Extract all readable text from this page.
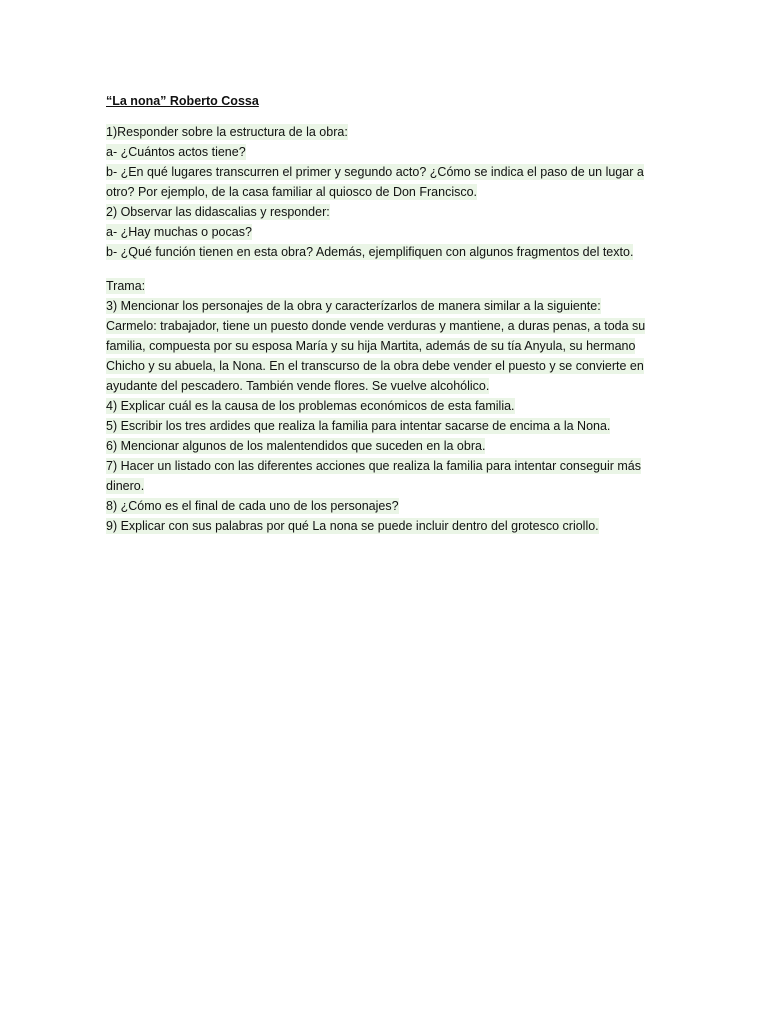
“La nona” Roberto Cossa
1)Responder sobre la estructura de la obra:
a- ¿Cuántos actos tiene?
b- ¿En qué lugares transcurren el primer y segundo acto? ¿Cómo se indica el paso de un lugar a
otro? Por ejemplo, de la casa familiar al quiosco de Don Francisco.
2) Observar las didascalias y responder:
a- ¿Hay muchas o pocas?
b- ¿Qué función tienen en esta obra? Además, ejemplifiquen con algunos fragmentos del texto.
Trama:
3) Mencionar los personajes de la obra y caracterízarlos de manera similar a la siguiente:
Carmelo: trabajador, tiene un puesto donde vende verduras y mantiene, a duras penas, a toda su
familia, compuesta por su esposa María y su hija Martita, además de su tía Anyula, su hermano
Chicho y su abuela, la Nona. En el transcurso de la obra debe vender el puesto y se convierte en
ayudante del pescadero. También vende flores. Se vuelve alcohólico.
4) Explicar cuál es la causa de los problemas económicos de esta familia.
5) Escribir los tres ardides que realiza la familia para intentar sacarse de encima a la Nona.
6) Mencionar algunos de los malentendidos que suceden en la obra.
7) Hacer un listado con las diferentes acciones que realiza la familia para intentar conseguir más
dinero.
8) ¿Cómo es el final de cada uno de los personajes?
9) Explicar con sus palabras por qué La nona se puede incluir dentro del grotesco criollo.
